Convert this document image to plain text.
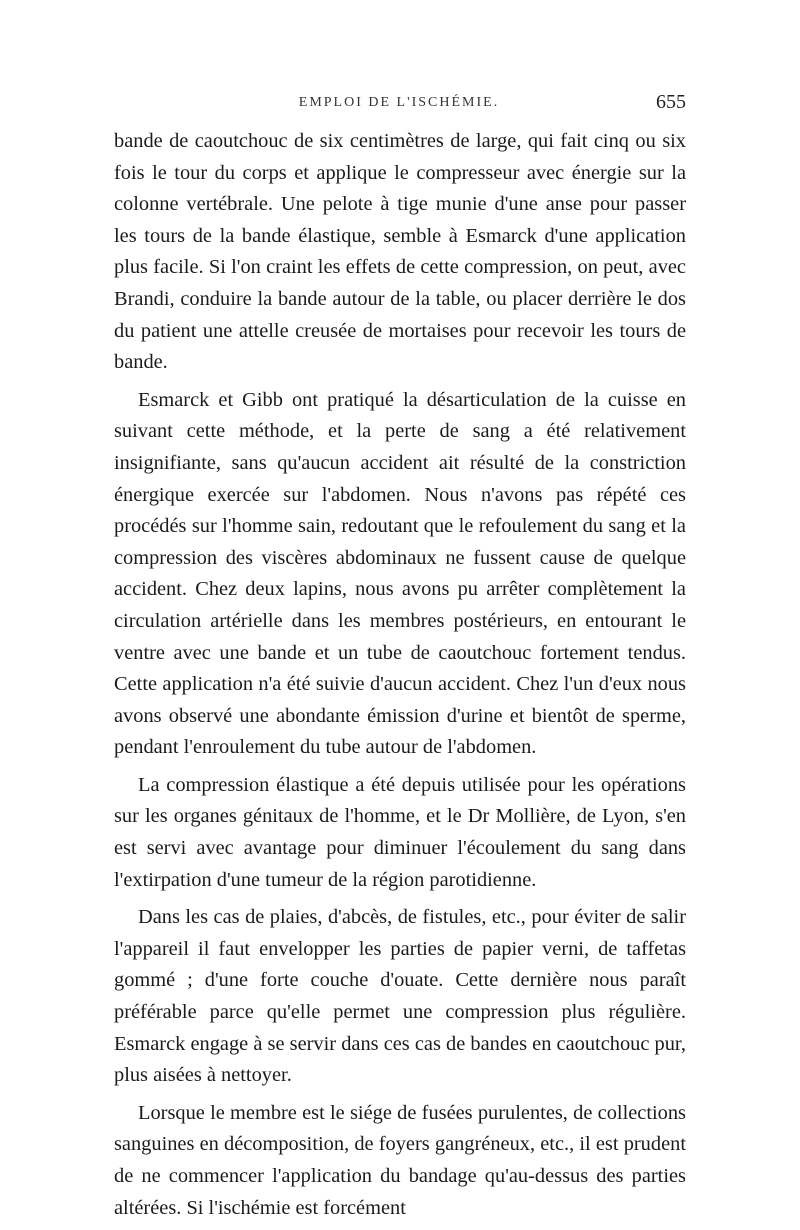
EMPLOI DE L'ISCHÉMIE.	655

bande de caoutchouc de six centimètres de large, qui fait cinq ou six fois le tour du corps et applique le compresseur avec énergie sur la colonne vertébrale. Une pelote à tige munie d'une anse pour passer les tours de la bande élastique, semble à Esmarck d'une application plus facile. Si l'on craint les effets de cette compression, on peut, avec Brandi, conduire la bande autour de la table, ou placer derrière le dos du patient une attelle creusée de mortaises pour recevoir les tours de bande.

Esmarck et Gibb ont pratiqué la désarticulation de la cuisse en suivant cette méthode, et la perte de sang a été relativement insignifiante, sans qu'aucun accident ait résulté de la constriction énergique exercée sur l'abdomen. Nous n'avons pas répété ces procédés sur l'homme sain, redoutant que le refoulement du sang et la compression des viscères abdominaux ne fussent cause de quelque accident. Chez deux lapins, nous avons pu arrêter complètement la circulation artérielle dans les membres postérieurs, en entourant le ventre avec une bande et un tube de caoutchouc fortement tendus. Cette application n'a été suivie d'aucun accident. Chez l'un d'eux nous avons observé une abondante émission d'urine et bientôt de sperme, pendant l'enroulement du tube autour de l'abdomen.

La compression élastique a été depuis utilisée pour les opérations sur les organes génitaux de l'homme, et le Dr Mollière, de Lyon, s'en est servi avec avantage pour diminuer l'écoulement du sang dans l'extirpation d'une tumeur de la région parotidienne.

Dans les cas de plaies, d'abcès, de fistules, etc., pour éviter de salir l'appareil il faut envelopper les parties de papier verni, de taffetas gommé ; d'une forte couche d'ouate. Cette dernière nous paraît préférable parce qu'elle permet une compression plus régulière. Esmarck engage à se servir dans ces cas de bandes en caoutchouc pur, plus aisées à nettoyer.

Lorsque le membre est le siége de fusées purulentes, de collections sanguines en décomposition, de foyers gangréneux, etc., il est prudent de ne commencer l'application du bandage qu'au-dessus des parties altérées. Si l'ischémie est forcément
